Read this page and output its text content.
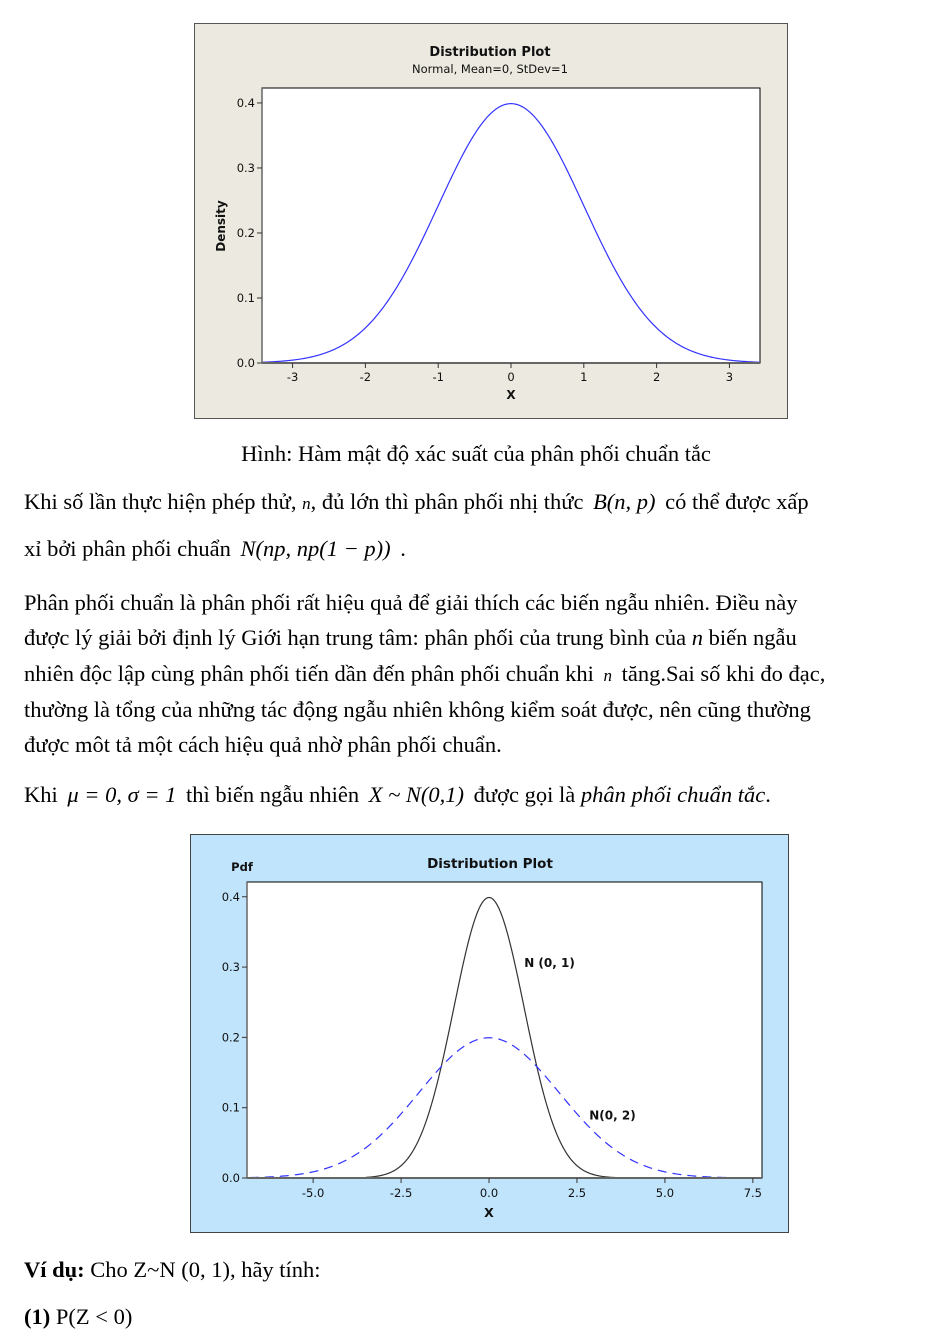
Distribution Plot
Normal, Mean=0, StDev=1
X
Density
-3	-2	-1	0	1	2	3
0.0
0.1
0.2
0.3
0.4
Hình: Hàm mật độ xác suất của phân phối chuẩn tắc
Khi số lần thực hiện phép thử, n, đủ lớn thì phân phối nhị thức B(n, p) có thể được xấp
xỉ bởi phân phối chuẩn N(np, np(1 − p)) .
Phân phối chuẩn là phân phối rất hiệu quả để giải thích các biến ngẫu nhiên. Điều này
được lý giải bởi định lý Giới hạn trung tâm: phân phối của trung bình của n biến ngẫu
nhiên độc lập cùng phân phối tiến dần đến phân phối chuẩn khi n tăng.Sai số khi đo đạc,
thường là tổng của những tác động ngẫu nhiên không kiểm soát được, nên cũng thường
được môt tả một cách hiệu quả nhờ phân phối chuẩn.
Khi μ = 0, σ = 1 thì biến ngẫu nhiên X ~ N(0,1) được gọi là phân phối chuẩn tắc.
Distribution Plot
Pdf
X
-5.0	-2.5	0.0	2.5	5.0	7.5
0.0
0.1
0.2
0.3
0.4
N (0, 1)
N(0, 2)
Ví dụ: Cho Z~N (0, 1), hãy tính:
(1) P(Z < 0)
